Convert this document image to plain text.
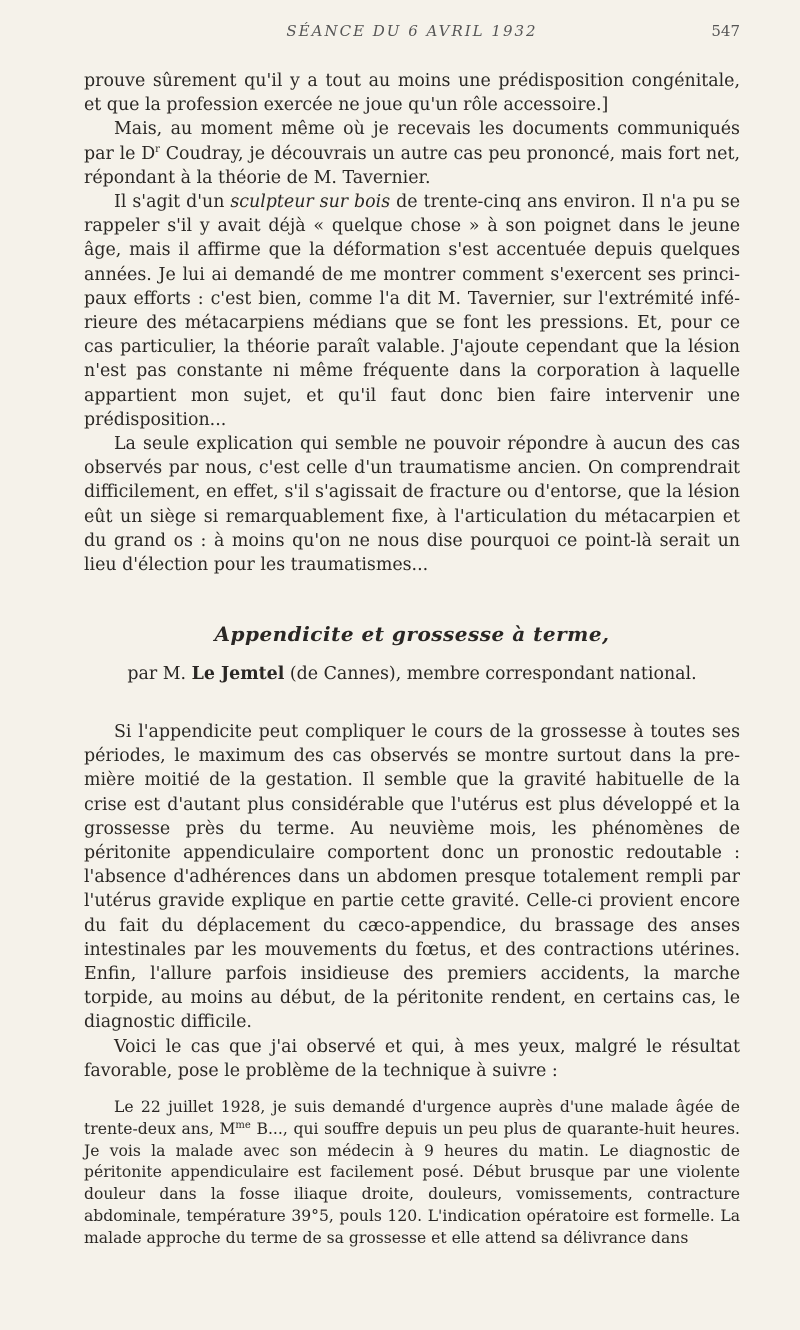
SÉANCE DU 6 AVRIL 1932	547

prouve sûrement qu'il y a tout au moins une prédisposition congénitale, et que la profession exercée ne joue qu'un rôle accessoire.]

Mais, au moment même où je recevais les documents communiqués par le $D^r$ Coudray, je découvrais un autre cas peu prononcé, mais fort net, répondant à la théorie de M. Tavernier.

Il s'agit d'un sculpteur sur bois de trente-cinq ans environ. Il n'a pu se rappeler s'il y avait déjà « quelque chose » à son poignet dans le jeune âge, mais il affirme que la déformation s'est accentuée depuis quelques années. Je lui ai demandé de me montrer comment s'exercent ses principaux efforts : c'est bien, comme l'a dit M. Tavernier, sur l'extrémité inférieure des métacarpiens médians que se font les pressions. Et, pour ce cas particulier, la théorie paraît valable. J'ajoute cependant que la lésion n'est pas constante ni même fréquente dans la corporation à laquelle appartient mon sujet, et qu'il faut donc bien faire intervenir une prédisposition...

La seule explication qui semble ne pouvoir répondre à aucun des cas observés par nous, c'est celle d'un traumatisme ancien. On comprendrait difficilement, en effet, s'il s'agissait de fracture ou d'entorse, que la lésion eût un siège si remarquablement fixe, à l'articulation du métacarpien et du grand os : à moins qu'on ne nous dise pourquoi ce point-là serait un lieu d'élection pour les traumatismes...

Appendicite et grossesse à terme,
par M. Le Jemtel (de Cannes), membre correspondant national.

Si l'appendicite peut compliquer le cours de la grossesse à toutes ses périodes, le maximum des cas observés se montre surtout dans la première moitié de la gestation. Il semble que la gravité habituelle de la crise est d'autant plus considérable que l'utérus est plus développé et la grossesse près du terme. Au neuvième mois, les phénomènes de péritonite appendiculaire comportent donc un pronostic redoutable : l'absence d'adhérences dans un abdomen presque totalement rempli par l'utérus gravide explique en partie cette gravité. Celle-ci provient encore du fait du déplacement du cæco-appendice, du brassage des anses intestinales par les mouvements du fœtus, et des contractions utérines. Enfin, l'allure parfois insidieuse des premiers accidents, la marche torpide, au moins au début, de la péritonite rendent, en certains cas, le diagnostic difficile.

Voici le cas que j'ai observé et qui, à mes yeux, malgré le résultat favorable, pose le problème de la technique à suivre :

Le 22 juillet 1928, je suis demandé d'urgence auprès d'une malade âgée de trente-deux ans, $M^{me}$ B..., qui souffre depuis un peu plus de quarante-huit heures. Je vois la malade avec son médecin à 9 heures du matin. Le diagnostic de péritonite appendiculaire est facilement posé. Début brusque par une violente douleur dans la fosse iliaque droite, douleurs, vomissements, contracture abdominale, température 39°5, pouls 120. L'indication opératoire est formelle. La malade approche du terme de sa grossesse et elle attend sa délivrance dans
